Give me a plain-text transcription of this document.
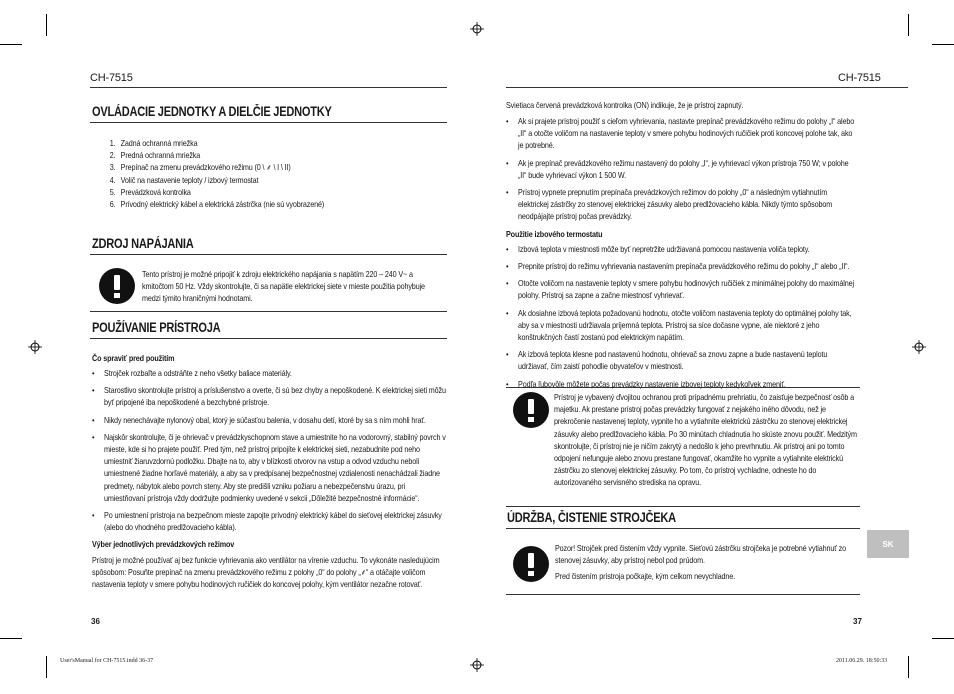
CH-7515
OVLÁDACIE JEDNOTKY A DIELČIE JEDNOTKY
1. Zadná ochranná mriežka
2. Predná ochranná mriežka
3. Prepínač na zmenu prevádzkového režimu (0 \ ⸙ \ I \ II)
4. Volič na nastavenie teploty / izbový termostat
5. Prevádzková kontrolka
6. Prívodný elektrický kábel a elektrická zástrčka (nie sú vyobrazené)
ZDROJ NAPÁJANIA
Tento prístroj je možné pripojiť k zdroju elektrického napájania s napätím 220 – 240 V~ a kmitočtom 50 Hz. Vždy skontrolujte, či sa napätie elektrickej siete v mieste použitia pohybuje medzi týmito hraničnými hodnotami.
POUŽÍVANIE PRÍSTROJA
Čo spraviť pred použitím
• Strojček rozbaľte a odstráňte z neho všetky baliace materiály.
• Starostlivo skontrolujte prístroj a príslušenstvo a overte, či sú bez chyby a nepoškodené. K elektrickej sieti môžu byť pripojené iba nepoškodené a bezchybné prístroje.
• Nikdy nenechávajte nylonový obal, ktorý je súčasťou balenia, v dosahu detí, ktoré by sa s ním mohli hrať.
• Najskôr skontrolujte, či je ohrievač v prevádzkyschopnom stave a umiestnite ho na vodorovný, stabilný povrch v mieste, kde si ho prajete použiť. Pred tým, než prístroj pripojíte k elektrickej sieti, nezabudnite pod neho umiestniť žiaruvzdornú podložku. Dbajte na to, aby v blízkosti otvorov na vstup a odvod vzduchu neboli umiestnené žiadne horľavé materiály, a aby sa v predpísanej bezpečnostnej vzdialenosti nenachádzali žiadne predmety, nábytok alebo povrch steny. Aby ste predišli vzniku požiaru a nebezpečenstvu úrazu, pri umiestňovaní prístroja vždy dodržujte podmienky uvedené v sekcii „Dôležité bezpečnostné informácie“.
• Po umiestnení prístroja na bezpečnom mieste zapojte prívodný elektrický kábel do sieťovej elektrickej zásuvky (alebo do vhodného predlžovacieho kábla).
Výber jednotlivých prevádzkových režimov
Prístroj je možné používať aj bez funkcie vyhrievania ako ventilátor na vírenie vzduchu. To vykonáte nasledujúcim spôsobom: Posuňte prepínač na zmenu prevádzkového režimu z polohy „0“ do polohy „⸙“ a otáčajte voličom nastavenia teploty v smere pohybu hodinových ručičiek do koncovej polohy, kým ventilátor nezačne rotovať.
36
CH-7515
Svietiaca červená prevádzková kontrolka (ON) indikuje, že je prístroj zapnutý.
• Ak si prajete prístroj použiť s cieľom vyhrievania, nastavte prepínač prevádzkového režimu do polohy „I“ alebo „II“ a otočte voličom na nastavenie teploty v smere pohybu hodinových ručičiek proti koncovej polohe tak, ako je potrebné.
• Ak je prepínač prevádzkového režimu nastavený do polohy „I“, je vyhrievací výkon prístroja 750 W; v polohe „II“ bude vyhrievací výkon 1 500 W.
• Prístroj vypnete prepnutím prepínača prevádzkových režimov do polohy „0“ a následným vytiahnutím elektrickej zástrčky zo stenovej elektrickej zásuvky alebo predlžovacieho kábla. Nikdy týmto spôsobom neodpájajte prístroj počas prevádzky.
Použitie izbového termostatu
• Izbová teplota v miestnosti môže byť nepretržite udržiavaná pomocou nastavenia voliča teploty.
• Prepnite prístroj do režimu vyhrievania nastavením prepínača prevádzkového režimu do polohy „I“ alebo „II“.
• Otočte voličom na nastavenie teploty v smere pohybu hodinových ručičiek z minimálnej polohy do maximálnej polohy. Prístroj sa zapne a začne miestnosť vyhrievať.
• Ak dosiahne izbová teplota požadovanú hodnotu, otočte voličom nastavenia teploty do optimálnej polohy tak, aby sa v miestnosti udržiavala príjemná teplota. Prístroj sa síce dočasne vypne, ale niektoré z jeho konštrukčných častí zostanú pod elektrickým napätím.
• Ak izbová teplota klesne pod nastavenú hodnotu, ohrievač sa znovu zapne a bude nastavenú teplotu udržiavať, čím zaistí pohodlie obyvateľov v miestnosti.
• Podľa ľubovôle môžete počas prevádzky nastavenie izbovej teploty kedykoľvek zmeniť.
Prístroj je vybavený ďvojitou ochranou proti prípadnému prehriatiu, čo zaisťuje bezpečnosť osôb a majetku. Ak prestane prístroj počas prevádzky fungovať z nejakého iného dôvodu, než je prekročenie nastavenej teploty, vypnite ho a vytiahnite elektrickú zástrčku zo stenovej elektrickej zásuvky alebo predlžovacieho kábla. Po 30 minútach chladnutia ho skúste znovu použiť. Medzitým skontrolujte, či prístroj nie je ničím zakrytý a nedošlo k jeho prevrhnutiu. Ak prístroj ani po tomto odpojení nefunguje alebo znovu prestane fungovať, okamžite ho vypnite a vytiahnite elektrickú zástrčku zo stenovej elektrickej zásuvky. Po tom, čo prístroj vychladne, odneste ho do autorizovaného servisného strediska na opravu.
ÚDRŽBA, ČISTENIE STROJČEKA
Pozor! Strojček pred čistením vždy vypnite. Sieťovú zástrčku strojčeka je potrebné vytiahnuť zo stenovej zásuvky, aby prístroj nebol pod prúdom.
Pred čistením prístroja počkajte, kým celkom nevychladne.
SK
37
User'sManual for CH-7515.indd 36-37	2011.06.29. 18:50:33
